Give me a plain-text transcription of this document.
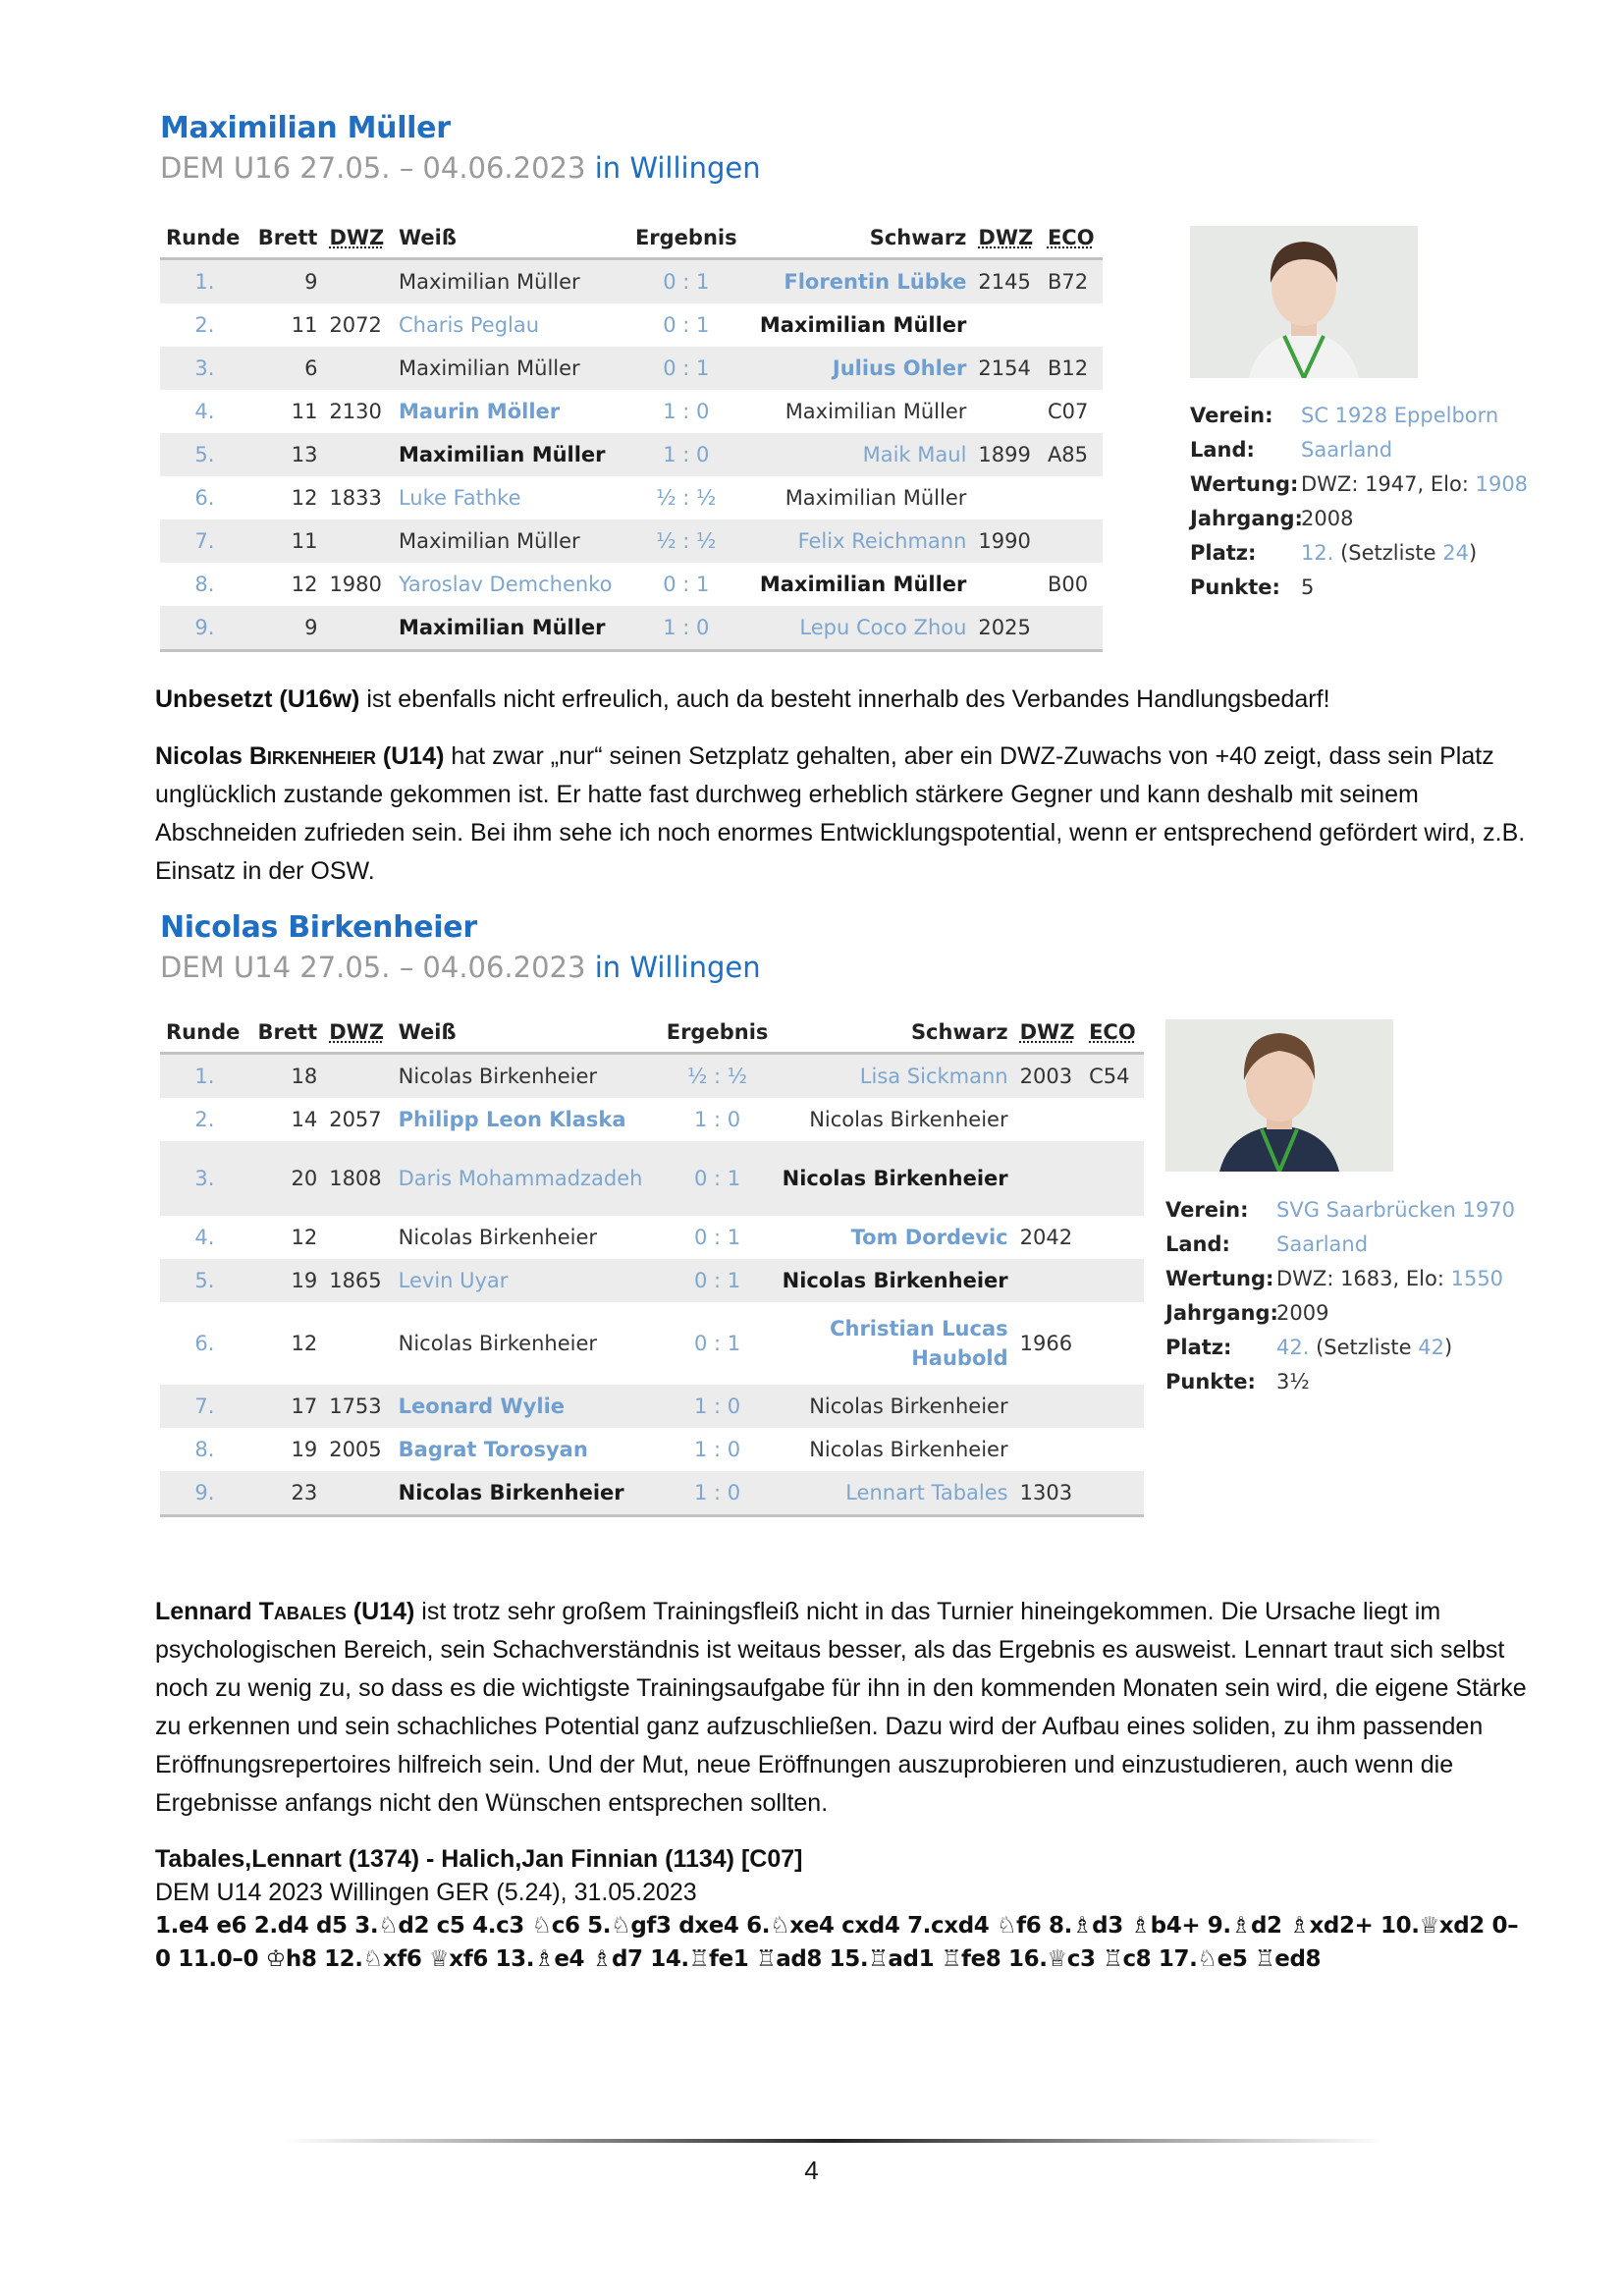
Maximilian Müller
DEM U16 27.05. – 04.06.2023 in Willingen
Runde	Brett	DWZ	Weiß	Ergebnis	Schwarz	DWZ	ECO
1.	9		Maximilian Müller	0 : 1	Florentin Lübke	2145	B72
2.	11	2072	Charis Peglau	0 : 1	Maximilian Müller		
3.	6		Maximilian Müller	0 : 1	Julius Ohler	2154	B12
4.	11	2130	Maurin Möller	1 : 0	Maximilian Müller		C07
5.	13		Maximilian Müller	1 : 0	Maik Maul	1899	A85
6.	12	1833	Luke Fathke	½ : ½	Maximilian Müller		
7.	11		Maximilian Müller	½ : ½	Felix Reichmann	1990	
8.	12	1980	Yaroslav Demchenko	0 : 1	Maximilian Müller		B00
9.	9		Maximilian Müller	1 : 0	Lepu Coco Zhou	2025	
Verein:	SC 1928 Eppelborn
Land:	Saarland
Wertung: DWZ: 1947, Elo: 1908
Jahrgang:
2008
Platz:	12. (Setzliste 24)
Punkte:	5
Unbesetzt (U16w) ist ebenfalls nicht erfreulich, auch da besteht innerhalb des Verbandes Handlungsbedarf!
Nicolas Birkenheier (U14) hat zwar „nur“ seinen Setzplatz gehalten, aber ein DWZ-Zuwachs von +40 zeigt, dass sein Platz unglücklich zustande gekommen ist. Er hatte fast durchweg erheblich stärkere Gegner und kann deshalb mit seinem Abschneiden zufrieden sein. Bei ihm sehe ich noch enormes Entwicklungspotential, wenn er entsprechend gefördert wird, z.B. Einsatz in der OSW.
Nicolas Birkenheier
DEM U14 27.05. – 04.06.2023 in Willingen
Runde	Brett	DWZ	Weiß	Ergebnis	Schwarz	DWZ	ECO
1.	18		Nicolas Birkenheier	½ : ½	Lisa Sickmann	2003	C54
2.	14	2057	Philipp Leon Klaska	1 : 0	Nicolas Birkenheier		
3.	20	1808	Daris Mohammadzadeh	0 : 1	Nicolas Birkenheier		
4.	12		Nicolas Birkenheier	0 : 1	Tom Dordevic	2042	
5.	19	1865	Levin Uyar	0 : 1	Nicolas Birkenheier		
6.	12		Nicolas Birkenheier	0 : 1	Christian Lucas Haubold	1966	
7.	17	1753	Leonard Wylie	1 : 0	Nicolas Birkenheier		
8.	19	2005	Bagrat Torosyan	1 : 0	Nicolas Birkenheier		
9.	23		Nicolas Birkenheier	1 : 0	Lennart Tabales	1303	
Verein:	SVG Saarbrücken 1970
Land:	Saarland
Wertung: DWZ: 1683, Elo: 1550
Jahrgang:
2009
Platz:	42. (Setzliste 42)
Punkte:	3½
Lennard Tabales (U14) ist trotz sehr großem Trainingsfleiß nicht in das Turnier hineingekommen. Die Ursache liegt im psychologischen Bereich, sein Schachverständnis ist weitaus besser, als das Ergebnis es ausweist. Lennart traut sich selbst noch zu wenig zu, so dass es die wichtigste Trainingsaufgabe für ihn in den kommenden Monaten sein wird, die eigene Stärke zu erkennen und sein schachliches Potential ganz aufzuschließen. Dazu wird der Aufbau eines soliden, zu ihm passenden Eröffnungsrepertoires hilfreich sein. Und der Mut, neue Eröffnungen auszuprobieren und einzustudieren, auch wenn die Ergebnisse anfangs nicht den Wünschen entsprechen sollten.
Tabales,Lennart (1374) - Halich,Jan Finnian (1134) [C07]
DEM U14 2023 Willingen GER (5.24), 31.05.2023
1.e4 e6 2.d4 d5 3.♘d2 c5 4.c3 ♘c6 5.♘gf3 dxe4 6.♘xe4 cxd4 7.cxd4 ♘f6 8.♗d3 ♗b4+ 9.♗d2 ♗xd2+ 10.♕xd2 0–0 11.0–0 ♔h8 12.♘xf6 ♕xf6 13.♗e4 ♗d7 14.♖fe1 ♖ad8 15.♖ad1 ♖fe8 16.♕c3 ♖c8 17.♘e5 ♖ed8
4
